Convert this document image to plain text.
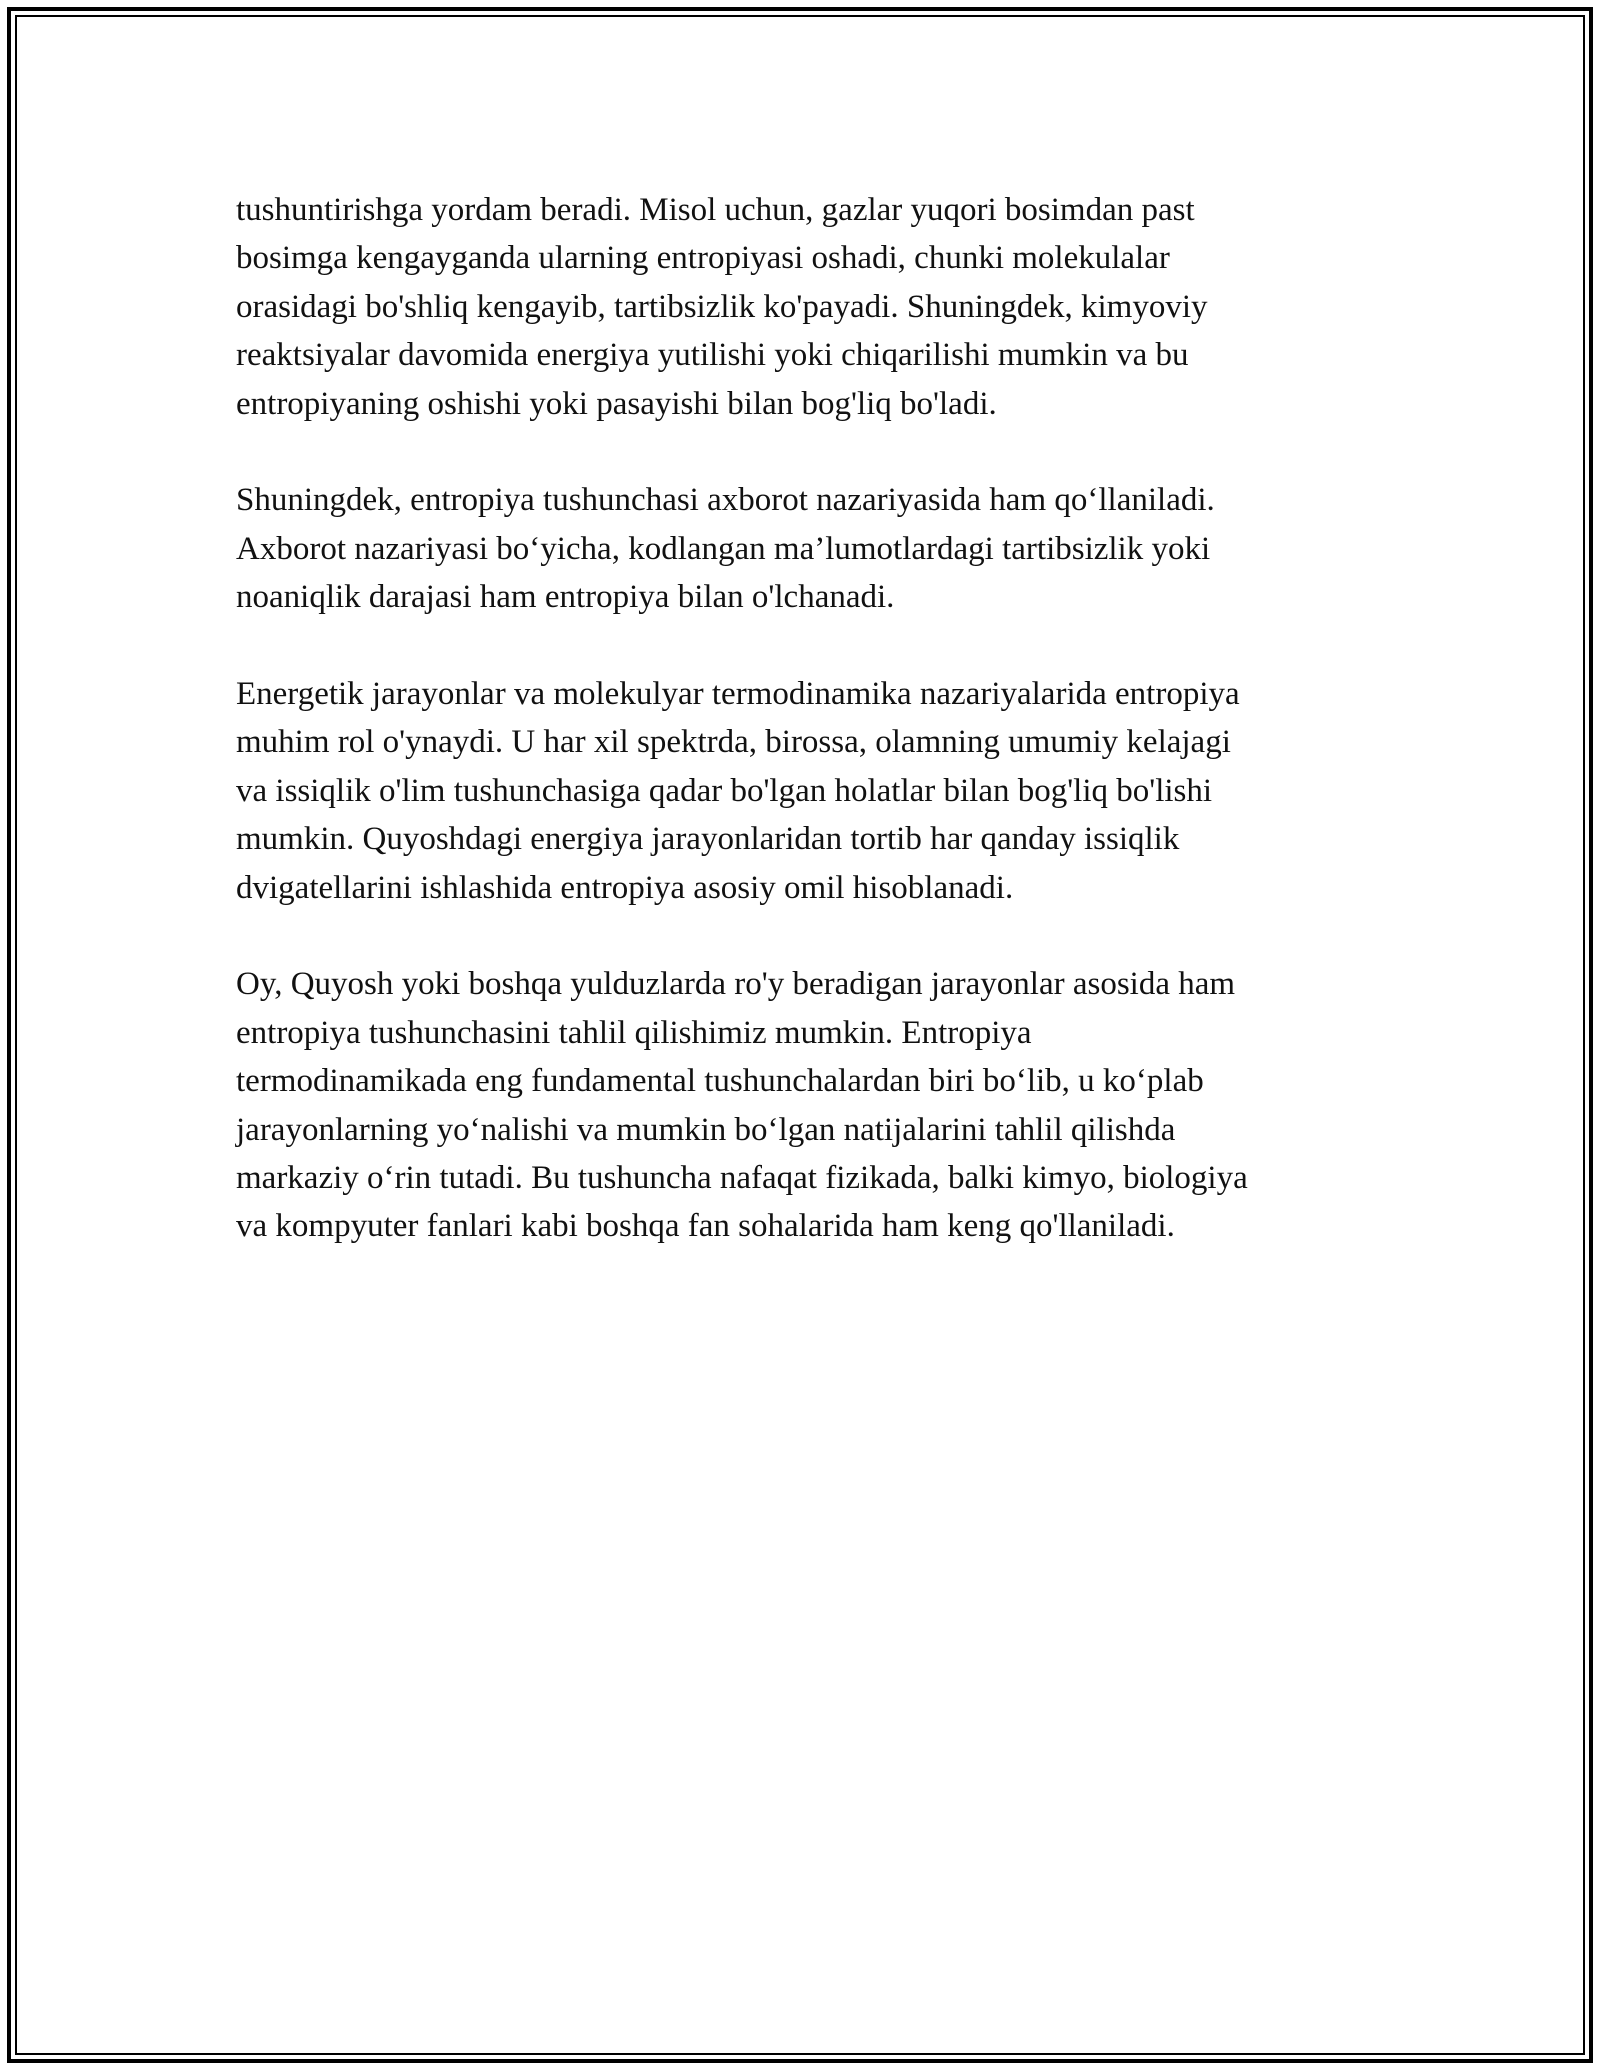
tushuntirishga yordam beradi. Misol uchun, gazlar yuqori bosimdan past
bosimga kengayganda ularning entropiyasi oshadi, chunki molekulalar
orasidagi bo'shliq kengayib, tartibsizlik ko'payadi. Shuningdek, kimyoviy
reaktsiyalar davomida energiya yutilishi yoki chiqarilishi mumkin va bu
entropiyaning oshishi yoki pasayishi bilan bog'liq bo'ladi.
Shuningdek, entropiya tushunchasi axborot nazariyasida ham qoʻllaniladi.
Axborot nazariyasi boʻyicha, kodlangan ma’lumotlardagi tartibsizlik yoki
noaniqlik darajasi ham entropiya bilan o'lchanadi.
Energetik jarayonlar va molekulyar termodinamika nazariyalarida entropiya
muhim rol o'ynaydi. U har xil spektrda, birossa, olamning umumiy kelajagi
va issiqlik o'lim tushunchasiga qadar bo'lgan holatlar bilan bog'liq bo'lishi
mumkin. Quyoshdagi energiya jarayonlaridan tortib har qanday issiqlik
dvigatellarini ishlashida entropiya asosiy omil hisoblanadi.
Oy, Quyosh yoki boshqa yulduzlarda ro'y beradigan jarayonlar asosida ham
entropiya tushunchasini tahlil qilishimiz mumkin. Entropiya
termodinamikada eng fundamental tushunchalardan biri boʻlib, u koʻplab
jarayonlarning yoʻnalishi va mumkin boʻlgan natijalarini tahlil qilishda
markaziy oʻrin tutadi. Bu tushuncha nafaqat fizikada, balki kimyo, biologiya
va kompyuter fanlari kabi boshqa fan sohalarida ham keng qo'llaniladi.
